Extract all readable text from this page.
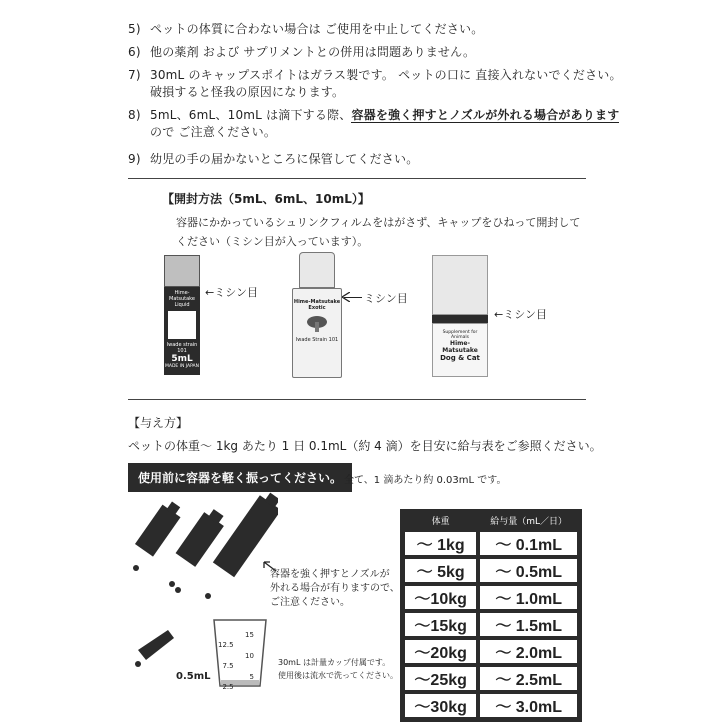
5) ペットの体質に合わない場合は ご使用を中止してください。
6) 他の薬剤 および サプリメントとの併用は問題ありません。
7) 30mL のキャップスポイトはガラス製です。 ペットの口に 直接入れないでください。
破損すると怪我の原因になります。
8) 5mL、6mL、10mL は滴下する際、容器を強く押すとノズルが外れる場合があります
ので ご注意ください。
9) 幼児の手の届かないところに保管してください。
【開封方法（5mL、6mL、10mL）】
容器にかかっているシュリンクフィルムをはがさず、キャップをひねって開封して
ください（ミシン目が入っています）。
Hime-Matsutake
Liquid
Iwade strain 101
5mL
MADE IN JAPAN
←ミシン目
Hime-Matsutake
Exotic
Iwade Strain 101
ミシン目
Supplement for Animals
Hime-Matsutake
Dog & Cat
←ミシン目
【与え方】
ペットの体重～ 1kg あたり 1 日 0.1mL（約 4 滴）を目安に給与表をご参照ください。
使用前に容器を軽く振ってください。 全て、1 滴あたり約 0.03mL です。
容器を強く押すとノズルが
外れる場合が有りますので、
ご注意ください。
15
10
5
12.5
7.5
2.5
0.5mL
30mL は計量カップ付属です。
使用後は流水で洗ってください。
体重	給与量（mL／日）
～ 1kg	～ 0.1mL
～ 5kg	～ 0.5mL
～10kg	～ 1.0mL
～15kg	～ 1.5mL
～20kg	～ 2.0mL
～25kg	～ 2.5mL
～30kg	～ 3.0mL
